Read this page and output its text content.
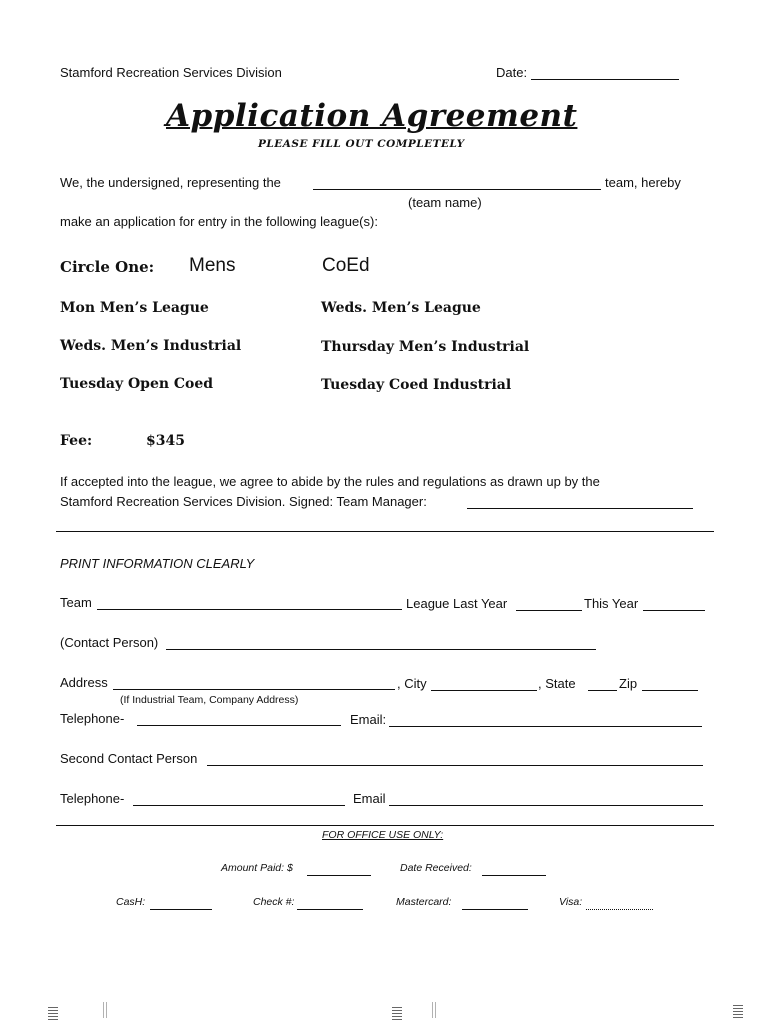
Stamford Recreation Services Division	Date:
Application Agreement
PLEASE FILL OUT COMPLETELY
We, the undersigned, representing the	team, hereby
(team name)
make an application for entry in the following league(s):
Circle One: Mens	CoEd
Mon Men’s League	Weds. Men’s League
Weds. Men’s Industrial	Thursday Men’s Industrial
Tuesday Open Coed	Tuesday Coed Industrial
Fee:	$345
If accepted into the league, we agree to abide by the rules and regulations as drawn up by the
Stamford Recreation Services Division. Signed: Team Manager:
PRINT INFORMATION CLEARLY
Team	League Last Year	This Year
(Contact Person)
Address	, City	, State	Zip
(If Industrial Team, Company Address)
Telephone-	Email:
Second Contact Person
Telephone-	Email
FOR OFFICE USE ONLY:
Amount Paid: $	Date Received:
CasH:	Check #:	Mastercard:	Visa:
